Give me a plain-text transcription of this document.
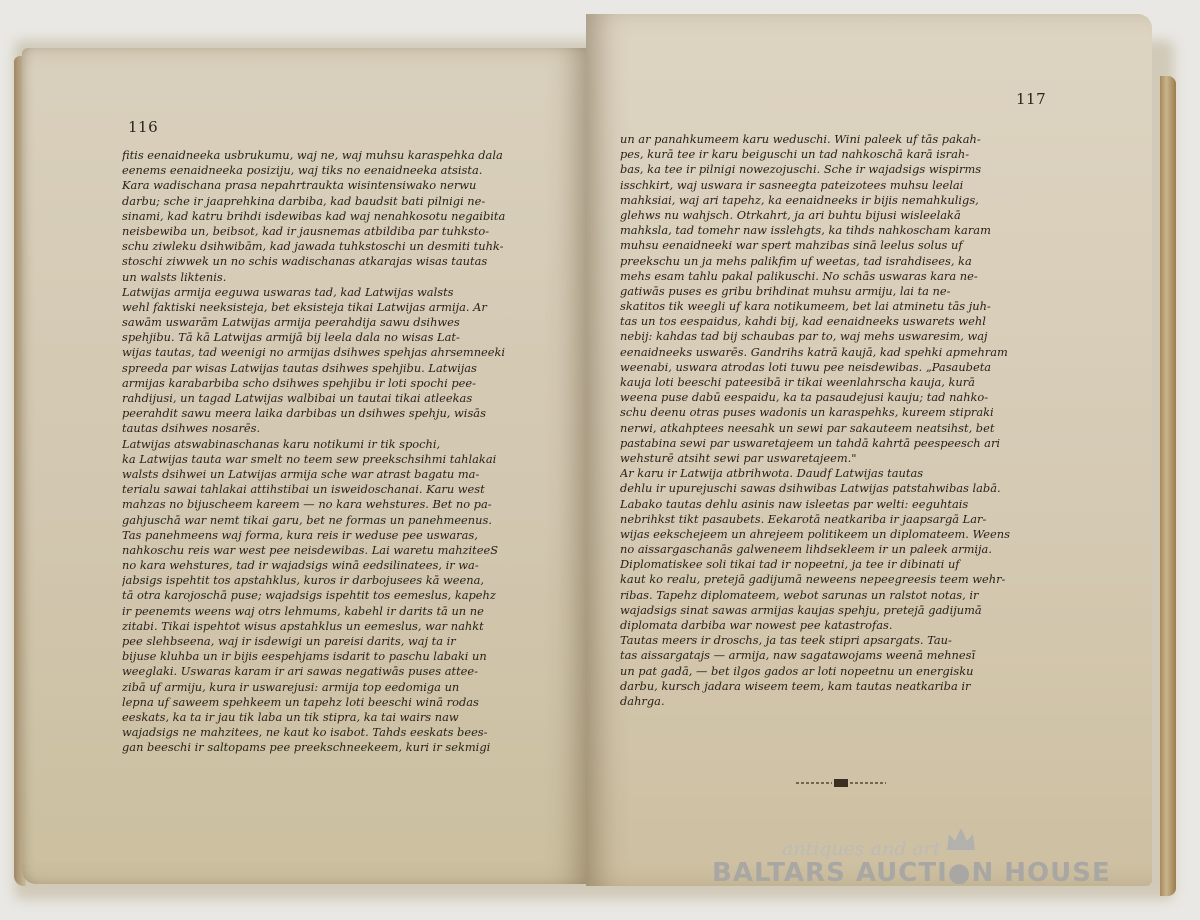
116
fitis eenaidneeka usbrukumu, waj ne, waj muhsu karaspehka dala
eenems eenaidneeka posiziju, waj tiks no eenaidneeka atsista.
Kara wadischana prasa nepahrtraukta wisintensiwako nerwu
darbu; sche ir jaaprehkina darbiba, kad baudsit bati pilnigi ne-
sinami, kad katru brihdi isdewibas kad waj nenahkosotu negaibita
neisbewiba un, beibsot, kad ir jausnemas atbildiba par tuhksto-
schu ziwleku dsihwibām, kad jawada tuhkstoschi un desmiti tuhk-
stoschi ziwwek un no schis wadischanas atkarajas wisas tautas
un walsts liktenis.
Latwijas armija eeguwa uswaras tad, kad Latwijas walsts
wehl faktiski neeksisteja, bet eksisteja tikai Latwijas armija. Ar
sawām uswarām Latwijas armija peerahdija sawu dsihwes
spehjibu. Tā kā Latwijas armijā bij leela dala no wisas Lat-
wijas tautas, tad weenigi no armijas dsihwes spehjas ahrsemneeki
spreeda par wisas Latwijas tautas dsihwes spehjibu. Latwijas
armijas karabarbiba scho dsihwes spehjibu ir loti spochi pee-
rahdijusi, un tagad Latwijas walbibai un tautai tikai atleekas
peerahdit sawu meera laika darbibas un dsihwes spehju, wisās
tautas dsihwes nosarēs.
Latwijas atswabinaschanas karu notikumi ir tik spochi,
ka Latwijas tauta war smelt no teem sew preekschsihmi tahlakai
walsts dsihwei un Latwijas armija sche war atrast bagatu ma-
terialu sawai tahlakai attihstibai un isweidoschanai. Karu west
mahzas no bijuscheem kareem — no kara wehstures. Bet no pa-
gahjuschā war nemt tikai garu, bet ne formas un panehmeenus.
Tas panehmeens waj forma, kura reis ir weduse pee uswaras,
nahkoschu reis war west pee neisdewibas. Lai waretu mahziteeS
no kara wehstures, tad ir wajadsigs winā eedsilinatees, ir wa-
jabsigs ispehtit tos apstahklus, kuros ir darbojusees kā weena,
tā otra karojoschā puse; wajadsigs ispehtit tos eemeslus, kapehz
ir peenemts weens waj otrs lehmums, kabehl ir darits tā un ne
zitabi. Tikai ispehtot wisus apstahklus un eemeslus, war nahkt
pee slehbseena, waj ir isdewigi un pareisi darits, waj ta ir
bijuse kluhba un ir bijis eespehjams isdarit to paschu labaki un
weeglaki. Uswaras karam ir ari sawas negatiwās puses attee-
zibā uf armiju, kura ir uswarejusi: armija top eedomiga un
lepna uf saweem spehkeem un tapehz loti beeschi winā rodas
eeskats, ka ta ir jau tik laba un tik stipra, ka tai wairs naw
wajadsigs ne mahzitees, ne kaut ko isabot. Tahds eeskats bees-
gan beeschi ir saltopams pee preekschneekeem, kuri ir sekmigi
117
un ar panahkumeem karu weduschi. Wini paleek uf tās pakah-
pes, kurā tee ir karu beiguschi un tad nahkoschā karā israh-
bas, ka tee ir pilnigi nowezojuschi. Sche ir wajadsigs wispirms
isschkirt, waj uswara ir sasneegta pateizotees muhsu leelai
mahksiai, waj ari tapehz, ka eenaidneeks ir bijis nemahkuligs,
glehws nu wahjsch. Otrkahrt, ja ari buhtu bijusi wisleelakā
mahksla, tad tomehr naw isslehgts, ka tihds nahkoscham karam
muhsu eenaidneeki war spert mahzibas sinā leelus solus uf
preekschu un ja mehs palikfim uf weetas, tad israhdisees, ka
mehs esam tahlu pakal palikuschi. No schās uswaras kara ne-
gatiwās puses es gribu brihdinat muhsu armiju, lai ta ne-
skatitos tik weegli uf kara notikumeem, bet lai atminetu tās juh-
tas un tos eespaidus, kahdi bij, kad eenaidneeks uswarets wehl
nebij: kahdas tad bij schaubas par to, waj mehs uswaresim, waj
eenaidneeks uswarēs. Gandrihs katrā kaujā, kad spehki apmehram
weenabi, uswara atrodas loti tuwu pee neisdewibas. „Pasaubeta
kauja loti beeschi pateesibā ir tikai weenlahrscha kauja, kurā
weena puse dabū eespaidu, ka ta pasaudejusi kauju; tad nahko-
schu deenu otras puses wadonis un karaspehks, kureem stipraki
nerwi, atkahptees neesahk un sewi par sakauteem neatsihst, bet
pastabina sewi par uswaretajeem un tahdā kahrtā peespeesch ari
wehsturē atsiht sewi par uswaretajeem."
Ar karu ir Latwija atbrihwota. Daudf Latwijas tautas
dehlu ir upurejuschi sawas dsihwibas Latwijas patstahwibas labā.
Labako tautas dehlu asinis naw isleetas par welti: eeguhtais
nebrihkst tikt pasaubets. Eekarotā neatkariba ir jaapsargā Lar-
wijas eekschejeem un ahrejeem politikeem un diplomateem. Weens
no aissargaschanās galweneem lihdsekleem ir un paleek armija.
Diplomatiskee soli tikai tad ir nopeetni, ja tee ir dibinati uf
kaut ko realu, pretejā gadijumā neweens nepeegreesis teem wehr-
ribas. Tapehz diplomateem, webot sarunas un ralstot notas, ir
wajadsigs sinat sawas armijas kaujas spehju, pretejā gadijumā
diplomata darbiba war nowest pee katastrofas.
Tautas meers ir droschs, ja tas teek stipri apsargats. Tau-
tas aissargatajs — armija, naw sagatawojams weenā mehnesī
un pat gadā, — bet ilgos gados ar loti nopeetnu un energisku
darbu, kursch jadara wiseem teem, kam tautas neatkariba ir
dahrga.
antiques and art
BALTARS AUCTI●N HOUSE
